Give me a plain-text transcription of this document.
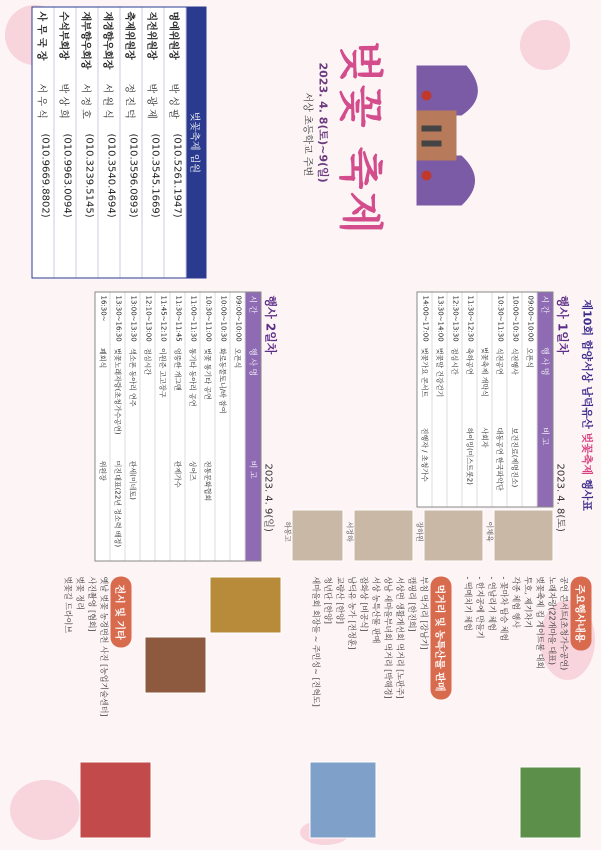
벚꽃 축제
2023. 4. 8(토)~9(일)
서상 초등학교 주변
벚꽃축제 임원
명예위원장
박 성 팔
(010.5261.1947)
직전위원장
박 광 제
(010.3545.1669)
축제위원장
정 진 덕
(010.3596.0893)
재경향우회장
서 원 식
(010.3540.4694)
재부향우회장
서 정 호
(010.3239.5145)
수석부회장
박 상 희
(010.9963.0094)
사 무 국 장
서 우 식
(010.9669.8802)
제10회 함양서상 남덕유산 벚꽃축제 행사표
행사 1일차
2023. 4. 8(토)
시 간
행 사 명
비 고
09:00~10:00
오픈식
10:00~10:30
식전행사
보건진료(제명진소)
10:30~11:30
식전공연
대동공연 한국파악단
벚꽃축제 개막식
사회자
11:30~12:30
축하공연
하이밍(미스트롯2)
12:30~13:30
점심시간
13:30~14:00
벚꽃말 건강걷기
14:00~17:00
벚꽃가요 콘서트
진행자 / 초청가수
이채육
장하원
서정하
하봉고
행사 2일차
2023. 4. 9(일)
시 간
행 사 명
비 고
09:00~10:00
오픈식
10:00~10:30
화로동물토니/바 참여
10:30~11:00
벚꽃 통기타 공연
전통문화협회
11:00~11:30
통기타 동아리 공연
싱어즈
11:30~11:45
엉뚱한 개그맨
관제가수
11:45~12:10
이원준 고고장구
12:10~13:00
점심시간
13:00~13:30
색소폰 동아리 연주
관세(미네토)
13:30~16:30
벚꽃노래자랑(초청가수공연)
미진대표(22년 정소력 배정)
16:30~
폐회식
위원장
주요행사내용
공연 콘서트(초청가수공연)
노래자랑(22개마을 대표)
벚꽃축제 컵 게이트볼 대회
투호, 제기차기
각종 체험 행사
- 꽃마차 탑승 체험
- 연날리기 체험
- 한지공예 만들기
- 떡메치기 체험
먹거리 및 농특산물 판매
부침 먹거리 [강남기]
캠핑리 [한진희]
서상면 생활개선회 먹거리 [노판주]
상남 새마을부녀회 먹거리 [박해경]
서상 농특산물 판매
잡화상 [비공식]
남덕유 농가 [전정훈]
교량산 [한양]
청년단 [한양]
새마을회 회장들 ~ 주민성~ [진혁도]
전시 및 기타
옛날 벚꽃 농경면천 사진 [농업기술센터]
사진촬영 [협회]
벚꽃 정리
벚꽃길 드라이브
